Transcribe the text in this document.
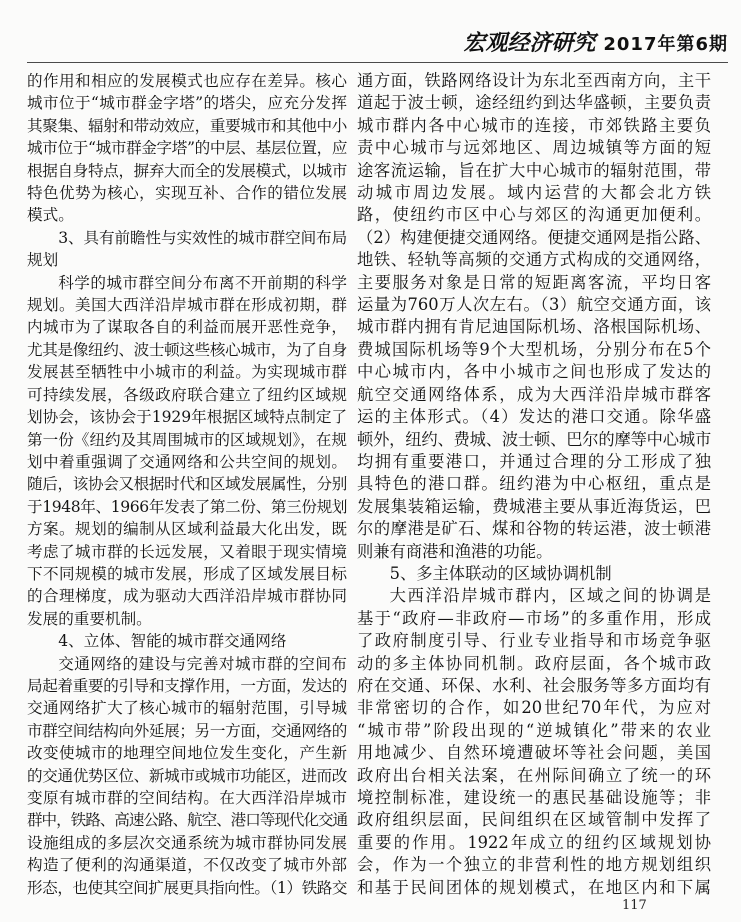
宏观经济研究 2017年第6期
的作用和相应的发展模式也应存在差异。核心
城市位于“城市群金字塔”的塔尖，应充分发挥
其聚集、辐射和带动效应，重要城市和其他中小
城市位于“城市群金字塔”的中层、基层位置，应
根据自身特点，摒弃大而全的发展模式，以城市
特色优势为核心，实现互补、合作的错位发展
模式。
3、具有前瞻性与实效性的城市群空间布局
规划
科学的城市群空间分布离不开前期的科学
规划。美国大西洋沿岸城市群在形成初期，群
内城市为了谋取各自的利益而展开恶性竞争，
尤其是像纽约、波士顿这些核心城市，为了自身
发展甚至牺牲中小城市的利益。为实现城市群
可持续发展，各级政府联合建立了纽约区域规
划协会，该协会于1929年根据区域特点制定了
第一份《纽约及其周围城市的区域规划》，在规
划中着重强调了交通网络和公共空间的规划。
随后，该协会又根据时代和区域发展属性，分别
于1948年、1966年发表了第二份、第三份规划
方案。规划的编制从区域利益最大化出发，既
考虑了城市群的长远发展，又着眼于现实情境
下不同规模的城市发展，形成了区域发展目标
的合理梯度，成为驱动大西洋沿岸城市群协同
发展的重要机制。
4、立体、智能的城市群交通网络
交通网络的建设与完善对城市群的空间布
局起着重要的引导和支撑作用，一方面，发达的
交通网络扩大了核心城市的辐射范围，引导城
市群空间结构向外延展；另一方面，交通网络的
改变使城市的地理空间地位发生变化，产生新
的交通优势区位、新城市或城市功能区，进而改
变原有城市群的空间结构。在大西洋沿岸城市
群中，铁路、高速公路、航空、港口等现代化交通
设施组成的多层次交通系统为城市群协同发展
构造了便利的沟通渠道，不仅改变了城市外部
形态，也使其空间扩展更具指向性。（1）铁路交
通方面，铁路网络设计为东北至西南方向，主干
道起于波士顿，途经纽约到达华盛顿，主要负责
城市群内各中心城市的连接，市郊铁路主要负
责中心城市与远郊地区、周边城镇等方面的短
途客流运输，旨在扩大中心城市的辐射范围，带
动城市周边发展。域内运营的大都会北方铁
路，使纽约市区中心与郊区的沟通更加便利。
（2）构建便捷交通网络。便捷交通网是指公路、
地铁、轻轨等高频的交通方式构成的交通网络，
主要服务对象是日常的短距离客流，平均日客
运量为760万人次左右。（3）航空交通方面，该
城市群内拥有肯尼迪国际机场、洛根国际机场、
费城国际机场等9个大型机场，分别分布在5个
中心城市内，各中小城市之间也形成了发达的
航空交通网络体系，成为大西洋沿岸城市群客
运的主体形式。（4）发达的港口交通。除华盛
顿外，纽约、费城、波士顿、巴尔的摩等中心城市
均拥有重要港口，并通过合理的分工形成了独
具特色的港口群。纽约港为中心枢纽，重点是
发展集装箱运输，费城港主要从事近海货运，巴
尔的摩港是矿石、煤和谷物的转运港，波士顿港
则兼有商港和渔港的功能。
5、多主体联动的区域协调机制
大西洋沿岸城市群内，区域之间的协调是
基于“政府—非政府—市场”的多重作用，形成
了政府制度引导、行业专业指导和市场竞争驱
动的多主体协同机制。政府层面，各个城市政
府在交通、环保、水利、社会服务等多方面均有
非常密切的合作，如20世纪70年代，为应对
“城市带”阶段出现的“逆城镇化”带来的农业
用地减少、自然环境遭破坏等社会问题，美国
政府出台相关法案，在州际间确立了统一的环
境控制标准，建设统一的惠民基础设施等；非
政府组织层面，民间组织在区域管制中发挥了
重要的作用。1922年成立的纽约区域规划协
会，作为一个独立的非营利性的地方规划组织
和基于民间团体的规划模式，在地区内和下属
117
